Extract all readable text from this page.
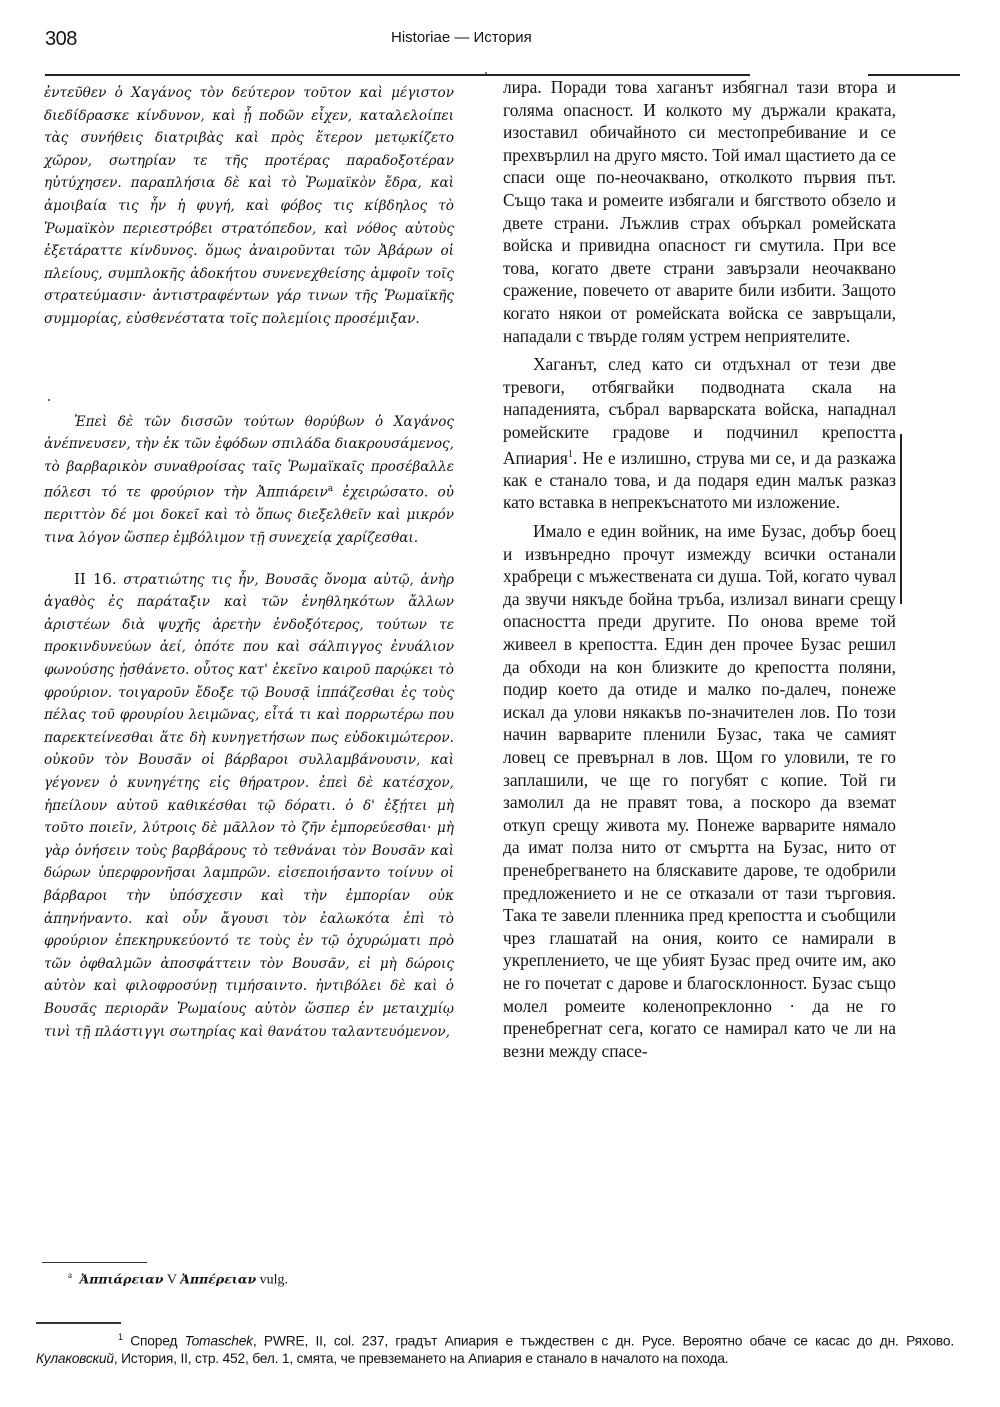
308	Historiae — История

ἐντεῦθεν ὁ Χαγάνος τὸν δεύτερον τοῦτον καὶ μέγιστον διεδίδρασκε κίνδυνον, καὶ ᾗ ποδῶν εἶχεν, καταλελοίπει τὰς συνήθεις διατριβὰς καὶ πρὸς ἕτερον μετῳκίζετο χῶρον, σωτηρίαν τε τῆς προτέρας παραδοξοτέραν ηὐτύχησεν. παραπλήσια δὲ καὶ τὸ Ῥωμαϊκὸν ἔδρα, καὶ ἀμοιβαία τις ἦν ἡ φυγή, καὶ φόβος τις κίβδηλος τὸ Ῥωμαϊκὸν περιεστρόβει στρατόπεδον, καὶ νόθος αὐτοὺς ἐξετάραττε κίνδυνος. ὅμως ἀναιροῦνται τῶν Ἀβάρων οἱ πλείους, συμπλοκῆς ἀδοκήτου συνενεχθείσης ἀμφοῖν τοῖς στρατεύμασιν· ἀντιστραφέντων γάρ τινων τῆς Ῥωμαϊκῆς συμμορίας, εὐσθενέστατα τοῖς πολεμίοις προσέμιξαν.

Ἐπεὶ δὲ τῶν δισσῶν τούτων θορύβων ὁ Χαγάνος ἀνέπνευσεν, τὴν ἐκ τῶν ἐφόδων σπιλάδα διακρουσάμενος, τὸ βαρβαρικὸν συναθροίσας ταῖς Ῥωμαϊκαῖς προσέβαλλε πόλεσι τό τε φρούριον τὴν Ἀππιάρειν$^a$ ἐχειρώσατο. οὐ περιττὸν δέ μοι δοκεῖ καὶ τὸ ὅπως διεξελθεῖν καὶ μικρόν τινα λόγον ὥσπερ ἐμβόλιμον τῇ συνεχείᾳ χαρίζεσθαι.

II 16. στρατιώτης τις ἦν, Βουσᾶς ὄνομα αὐτῷ, ἀνὴρ ἀγαθὸς ἐς παράταξιν καὶ τῶν ἐνηθληκότων ἄλλων ἀριστέων διὰ ψυχῆς ἀρετὴν ἐνδοξότερος, τούτων τε προκινδυνεύων ἀεί, ὁπότε που καὶ σάλπιγγος ἐνυάλιον φωνούσης ᾐσθάνετο. οὗτος κατ' ἐκεῖνο καιροῦ παρῴκει τὸ φρούριον. τοιγαροῦν ἔδοξε τῷ Βουσᾷ ἱππάζεσθαι ἐς τοὺς πέλας τοῦ φρουρίου λειμῶνας, εἶτά τι καὶ πορρωτέρω που παρεκτείνεσθαι ἅτε δὴ κυνηγετήσων πως εὐδοκιμώτερον. οὐκοῦν τὸν Βουσᾶν οἱ βάρβαροι συλλαμβάνουσιν, καὶ γέγονεν ὁ κυνηγέτης εἰς θήρατρον. ἐπεὶ δὲ κατέσχον, ἠπείλουν αὐτοῦ καθικέσθαι τῷ δόρατι. ὁ δ' ἐξῄτει μὴ τοῦτο ποιεῖν, λύτροις δὲ μᾶλλον τὸ ζῆν ἐμπορεύεσθαι· μὴ γὰρ ὀνήσειν τοὺς βαρβάρους τὸ τεθνάναι τὸν Βουσᾶν καὶ δώρων ὑπερφρονῆσαι λαμπρῶν. εἰσεποιήσαντο τοίνυν οἱ βάρβαροι τὴν ὑπόσχεσιν καὶ τὴν ἐμπορίαν οὐκ ἀπηνήναντο. καὶ οὖν ἄγουσι τὸν ἑαλωκότα ἐπὶ τὸ φρούριον ἐπεκηρυκεύοντό τε τοὺς ἐν τῷ ὀχυρώματι πρὸ τῶν ὀφθαλμῶν ἀποσφάττειν τὸν Βουσᾶν, εἰ μὴ δώροις αὐτὸν καὶ φιλοφροσύνῃ τιμήσαιντο. ἠντιβόλει δὲ καὶ ὁ Βουσᾶς περιορᾶν Ῥωμαίους αὐτὸν ὥσπερ ἐν μεταιχμίῳ τινὶ τῇ πλάστιγγι σωτηρίας καὶ θανάτου ταλαντευόμενον,

лира. Поради това хаганът избягнал тази втора и голяма опасност. И колкото му държали краката, изоставил обичайното си местопребивание и се прехвърлил на друго място. Той имал щастието да се спаси още по-неочаквано, отколкото първия път. Също така и ромеите избягали и бягството обзело и двете страни. Лъжлив страх объркал ромейската войска и привидна опасност ги смутила. При все това, когато двете страни завързали неочаквано сражение, повечето от аварите били избити. Защото когато някои от ромейската войска се завръщали, нападали с твърде голям устрем неприятелите.

Хаганът, след като си отдъхнал от тези две тревоги, отбягвайки подводната скала на нападенията, събрал варварската войска, нападнал ромейските градове и подчинил крепостта Апиария$^1$. Не е излишно, струва ми се, и да разкажа как е станало това, и да подаря един малък разказ като вставка в непрекъснатото ми изложение.

Имало е един войник, на име Бузас, добър боец и извънредно прочут измежду всички останали храбреци с мъжествената си душа. Той, когато чувал да звучи някъде бойна тръба, излизал винаги срещу опасността преди другите. По онова време той живеел в крепостта. Един ден прочее Бузас решил да обходи на кон близките до крепостта поляни, подир което да отиде и малко по-далеч, понеже искал да улови някакъв по-значителен лов. По този начин варварите пленили Бузас, така че самият ловец се превърнал в лов. Щом го уловили, те го заплашили, че ще го погубят с копие. Той ги замолил да не правят това, а поскоро да вземат откуп срещу живота му. Понеже варварите нямало да имат полза нито от смъртта на Бузас, нито от пренебрегването на бляскавите дарове, те одобрили предложението и не се отказали от тази търговия. Така те завели пленника пред крепостта и съобщили чрез глашатай на ония, които се намирали в укреплението, че ще убият Бузас пред очите им, ако не го почетат с дарове и благосклонност. Бузас също молел ромеите коленопреклонно · да не го пренебрегнат сега, когато се намирал като че ли на везни между спасе-

$^a$ Ἀππιάρειαν V Ἀππέρειαν vulg.
$^1$ Според Tomaschek, PWRE, II, col. 237, градът Апиария е тъждествен с дн. Русе. Вероятно обаче се касас до дн. Ряхово. Кулаковский, История, II, стр. 452, бел. 1, смята, че превземането на Апиария е станало в началото на похода.
